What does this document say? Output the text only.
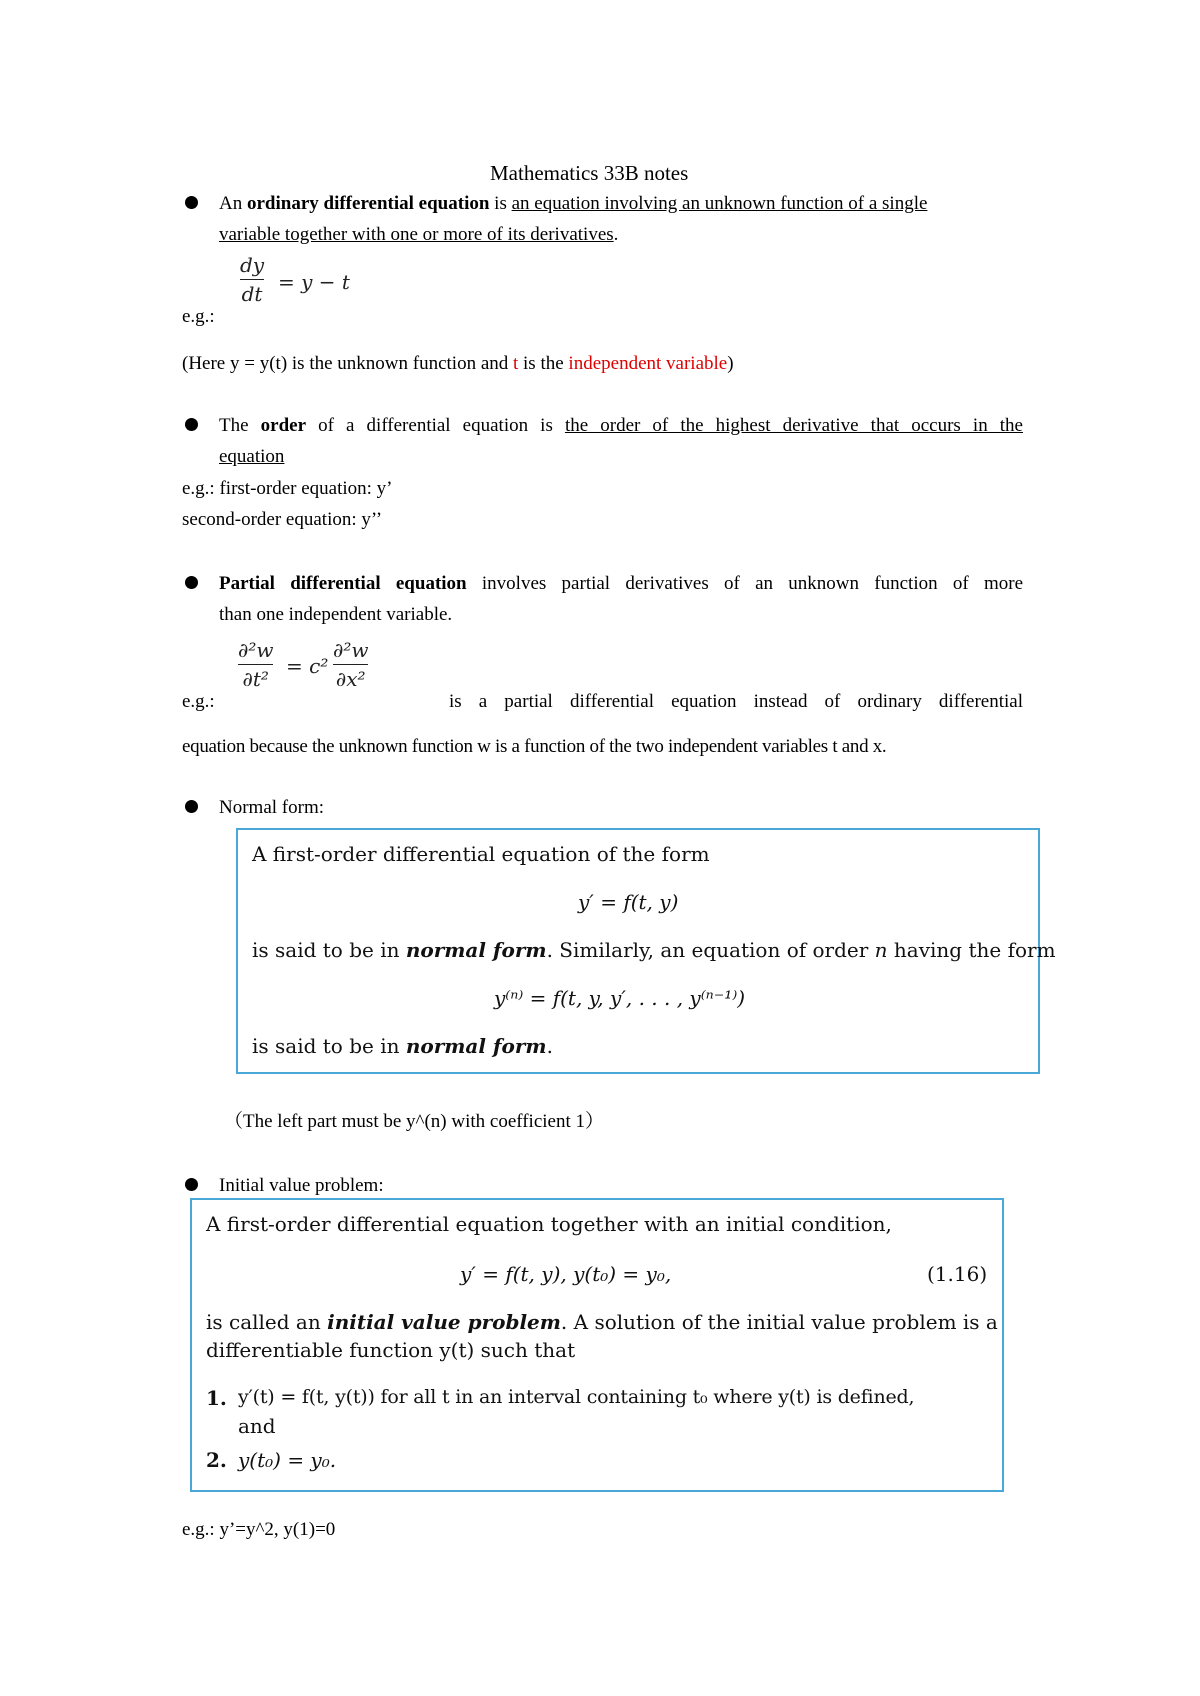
Mathematics 33B notes
An ordinary differential equation is an equation involving an unknown function of a single
variable together with one or more of its derivatives.
dy
dt = y − t
e.g.:
(Here y = y(t) is the unknown function and t is the independent variable)
The order of a differential equation is the order of the highest derivative that occurs in the
equation
e.g.: first-order equation: y’
second-order equation: y’’
Partial differential equation involves partial derivatives of an unknown function of more
than one independent variable.
∂²w
∂t²
= c²
∂²w
∂x²
e.g.:	is a partial differential equation instead of ordinary differential
equation because the unknown function w is a function of the two independent variables t and x.
Normal form:
A first-order differential equation of the form
y′ = f(t, y)
is said to be in normal form. Similarly, an equation of order n having the form
y⁽ⁿ⁾ = f(t, y, y′, . . . , y⁽ⁿ⁻¹⁾)
is said to be in normal form.
（The left part must be y^(n) with coefficient 1）
Initial value problem:
A first-order differential equation together with an initial condition,
y′ = f(t, y), y(t₀) = y₀,	(1.16)
is called an initial value problem. A solution of the initial value problem is a
differentiable function y(t) such that
1. y′(t) = f(t, y(t)) for all t in an interval containing t₀ where y(t) is defined,
and
2. y(t₀) = y₀.
e.g.: y’=y^2, y(1)=0
